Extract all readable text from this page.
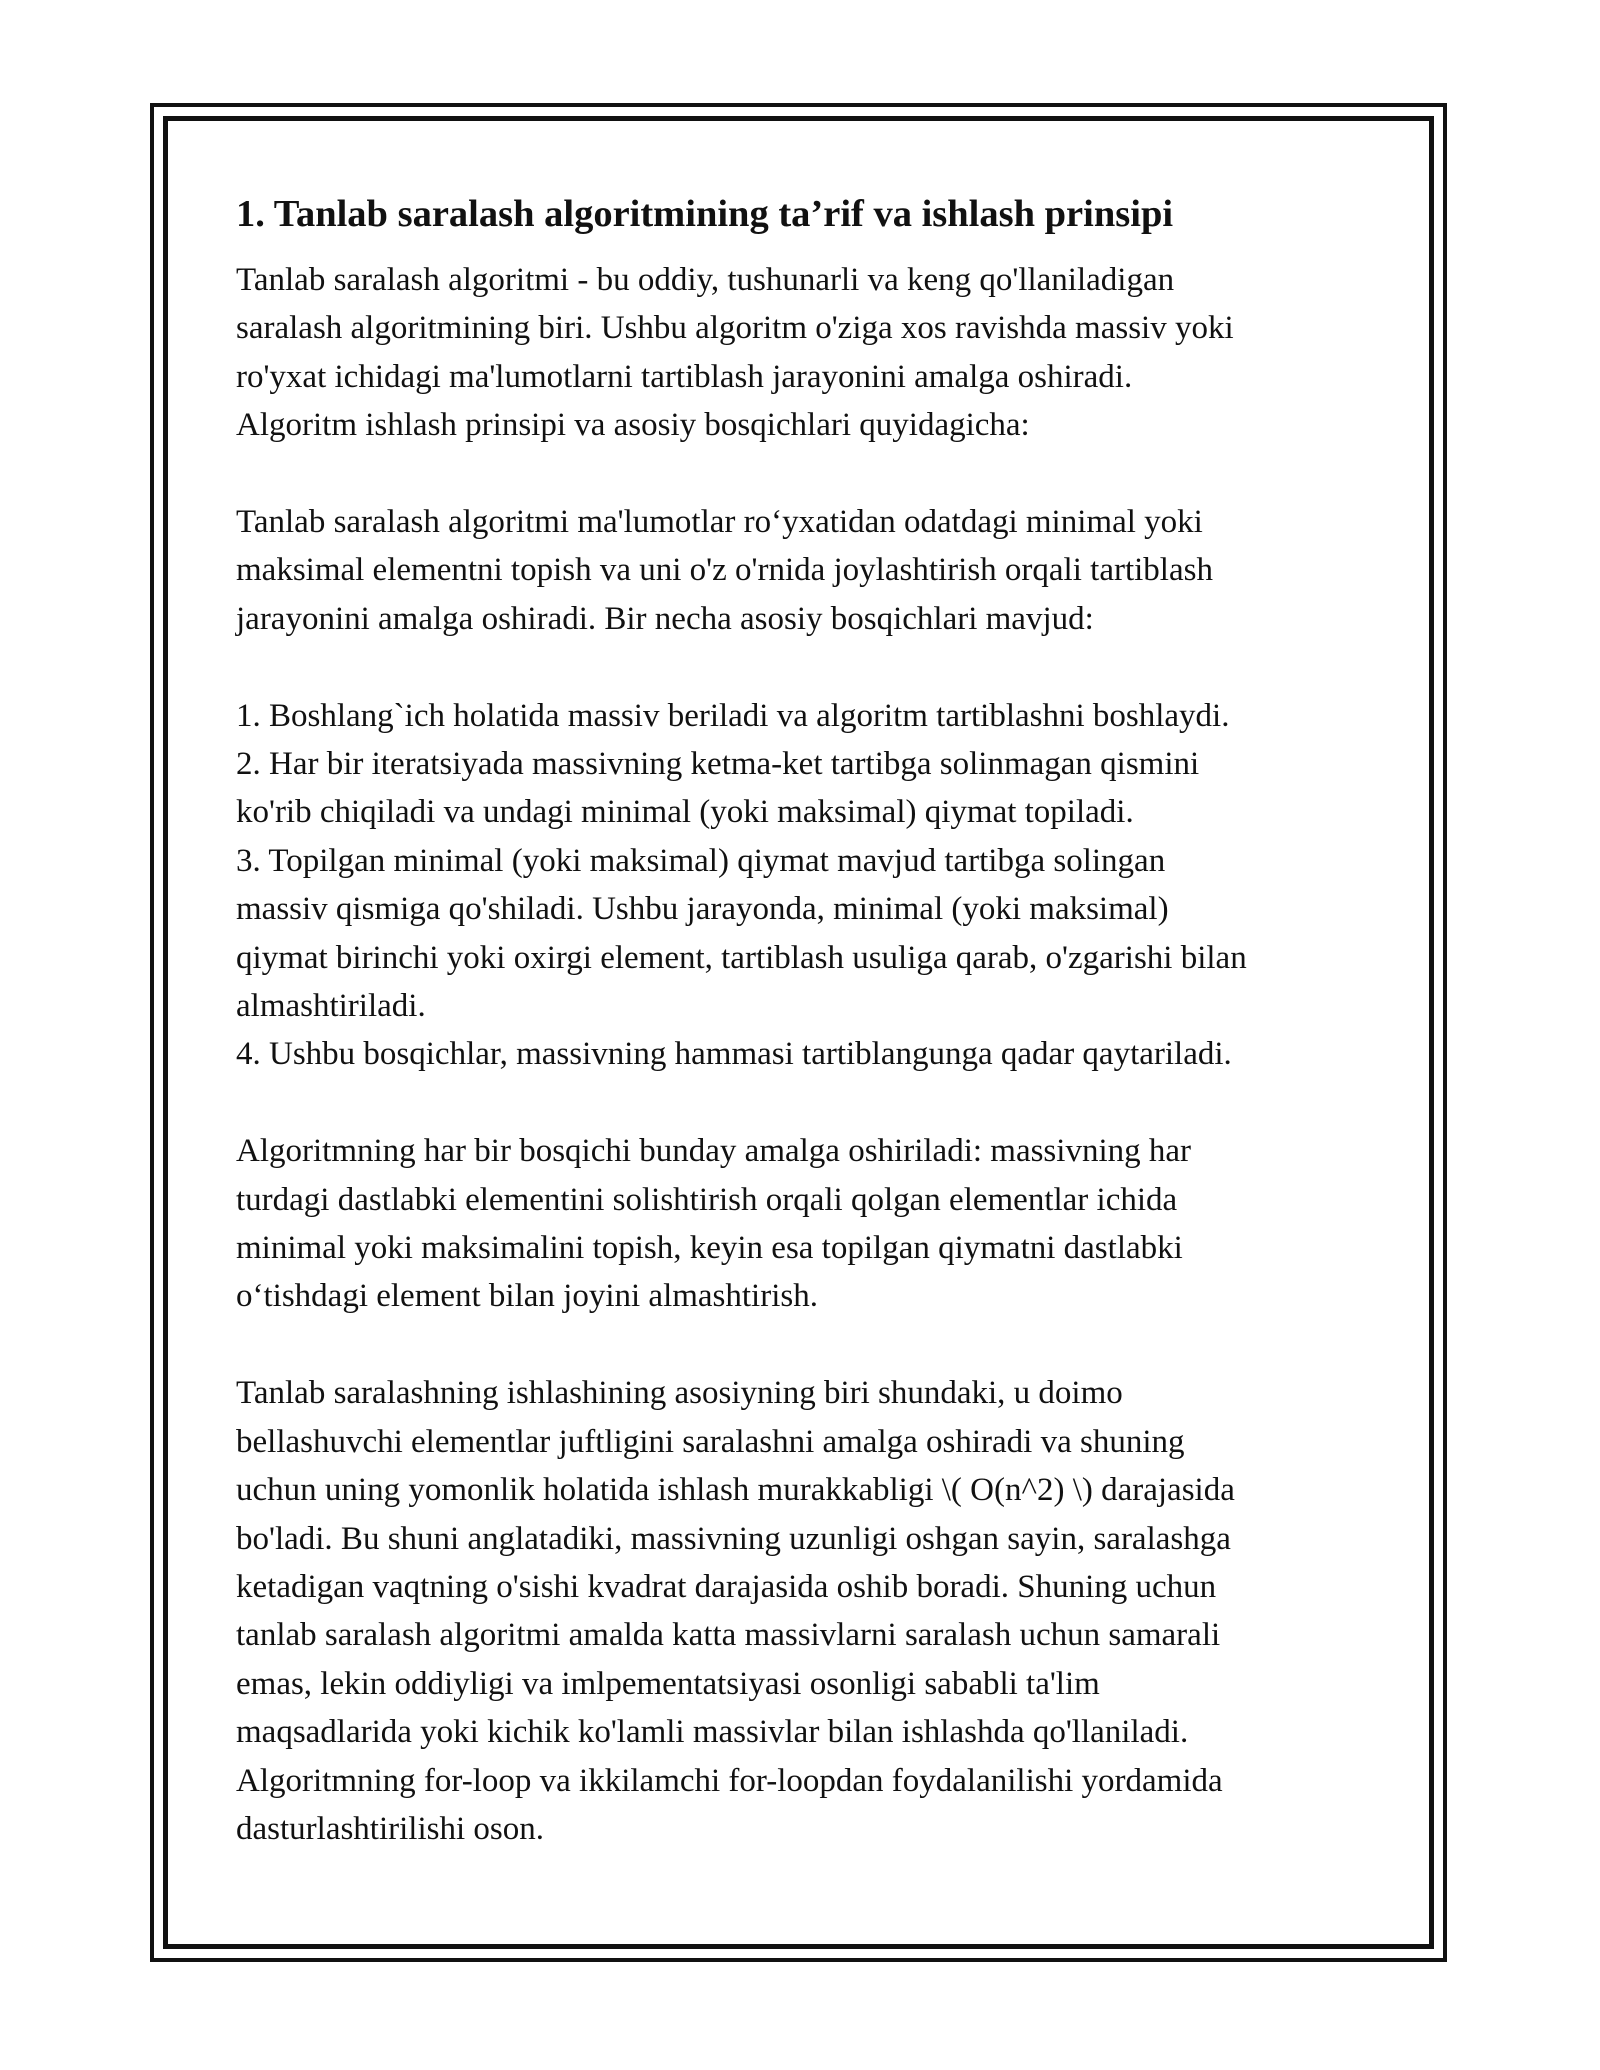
1. Tanlab saralash algoritmining ta’rif va ishlash prinsipi
Tanlab saralash algoritmi - bu oddiy, tushunarli va keng qo'llaniladigan
saralash algoritmining biri. Ushbu algoritm o'ziga xos ravishda massiv yoki
ro'yxat ichidagi ma'lumotlarni tartiblash jarayonini amalga oshiradi.
Algoritm ishlash prinsipi va asosiy bosqichlari quyidagicha:
Tanlab saralash algoritmi ma'lumotlar ro‘yxatidan odatdagi minimal yoki
maksimal elementni topish va uni o'z o'rnida joylashtirish orqali tartiblash
jarayonini amalga oshiradi. Bir necha asosiy bosqichlari mavjud:
1. Boshlang`ich holatida massiv beriladi va algoritm tartiblashni boshlaydi.
2. Har bir iteratsiyada massivning ketma-ket tartibga solinmagan qismini
ko'rib chiqiladi va undagi minimal (yoki maksimal) qiymat topiladi.
3. Topilgan minimal (yoki maksimal) qiymat mavjud tartibga solingan
massiv qismiga qo'shiladi. Ushbu jarayonda, minimal (yoki maksimal)
qiymat birinchi yoki oxirgi element, tartiblash usuliga qarab, o'zgarishi bilan
almashtiriladi.
4. Ushbu bosqichlar, massivning hammasi tartiblangunga qadar qaytariladi.
Algoritmning har bir bosqichi bunday amalga oshiriladi: massivning har
turdagi dastlabki elementini solishtirish orqali qolgan elementlar ichida
minimal yoki maksimalini topish, keyin esa topilgan qiymatni dastlabki
o‘tishdagi element bilan joyini almashtirish.
Tanlab saralashning ishlashining asosiyning biri shundaki, u doimo
bellashuvchi elementlar juftligini saralashni amalga oshiradi va shuning
uchun uning yomonlik holatida ishlash murakkabligi \( O(n^2) \) darajasida
bo'ladi. Bu shuni anglatadiki, massivning uzunligi oshgan sayin, saralashga
ketadigan vaqtning o'sishi kvadrat darajasida oshib boradi. Shuning uchun
tanlab saralash algoritmi amalda katta massivlarni saralash uchun samarali
emas, lekin oddiyligi va imlpementatsiyasi osonligi sababli ta'lim
maqsadlarida yoki kichik ko'lamli massivlar bilan ishlashda qo'llaniladi.
Algoritmning for-loop va ikkilamchi for-loopdan foydalanilishi yordamida
dasturlashtirilishi oson.
